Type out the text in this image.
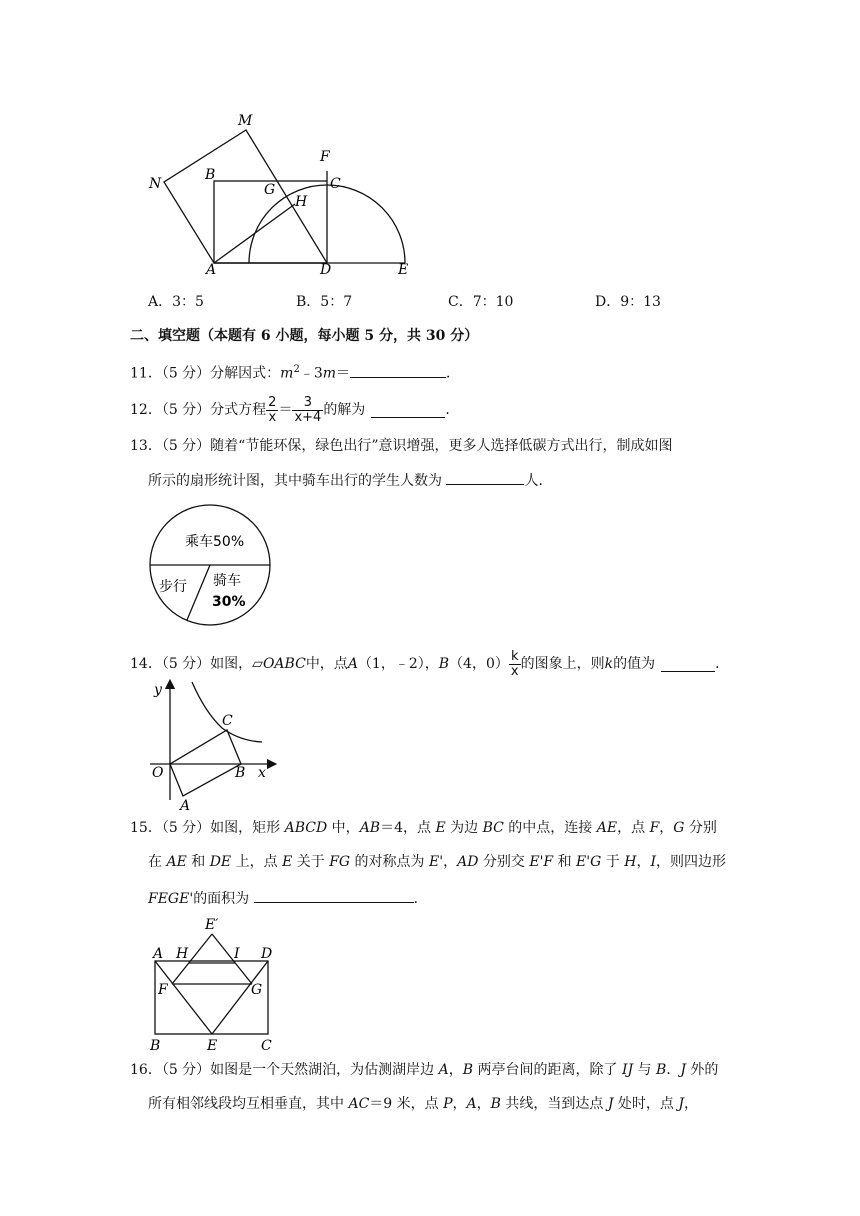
M
N
B
F
C
G
H
A	D	E
A．3：5	B．5：7	C．7：10	D．9：13
二、填空题（本题有 6 小题，每小题 5 分，共 30 分）
11．（5 分）分解因式：$m^2﹣3m=$	．
12．（5 分）分式方程 $\frac{2}{x} = \frac{3}{x+4}$ 的解为	．
13．（5 分）随着“节能环保，绿色出行”意识增强，更多人选择低碳方式出行，制成如图
所示的扇形统计图，其中骑车出行的学生人数为	人．
乘车50%
步行 骑车
30%
14．（5 分）如图， ▱ OABC 中，点 A （1，﹣2）， B （4，$0) \frac{k}{x}$ 的图象上，则 k 的值为	．
y
C
O	B x
A
15．（5 分）如图，矩形 ABCD 中，AB＝4，点 E 为边 BC 的中点，连接 AE，点 F，G 分别
在 AE 和 DE 上，点 E 关于 FG 的对称点为 E'，AD 分别交 E'F 和 E'G 于 H，I，则四边形
FEGE'的面积为	．
E′
A H	I D
F	G
B	E	C
16．（5 分）如图是一个天然湖泊，为估测湖岸边 A，B 两亭台间的距离，除了 IJ 与 B．J 外的
所有相邻线段均互相垂直，其中 AC＝9 米，点 P，A，B 共线，当到达点 J 处时，点 J，
